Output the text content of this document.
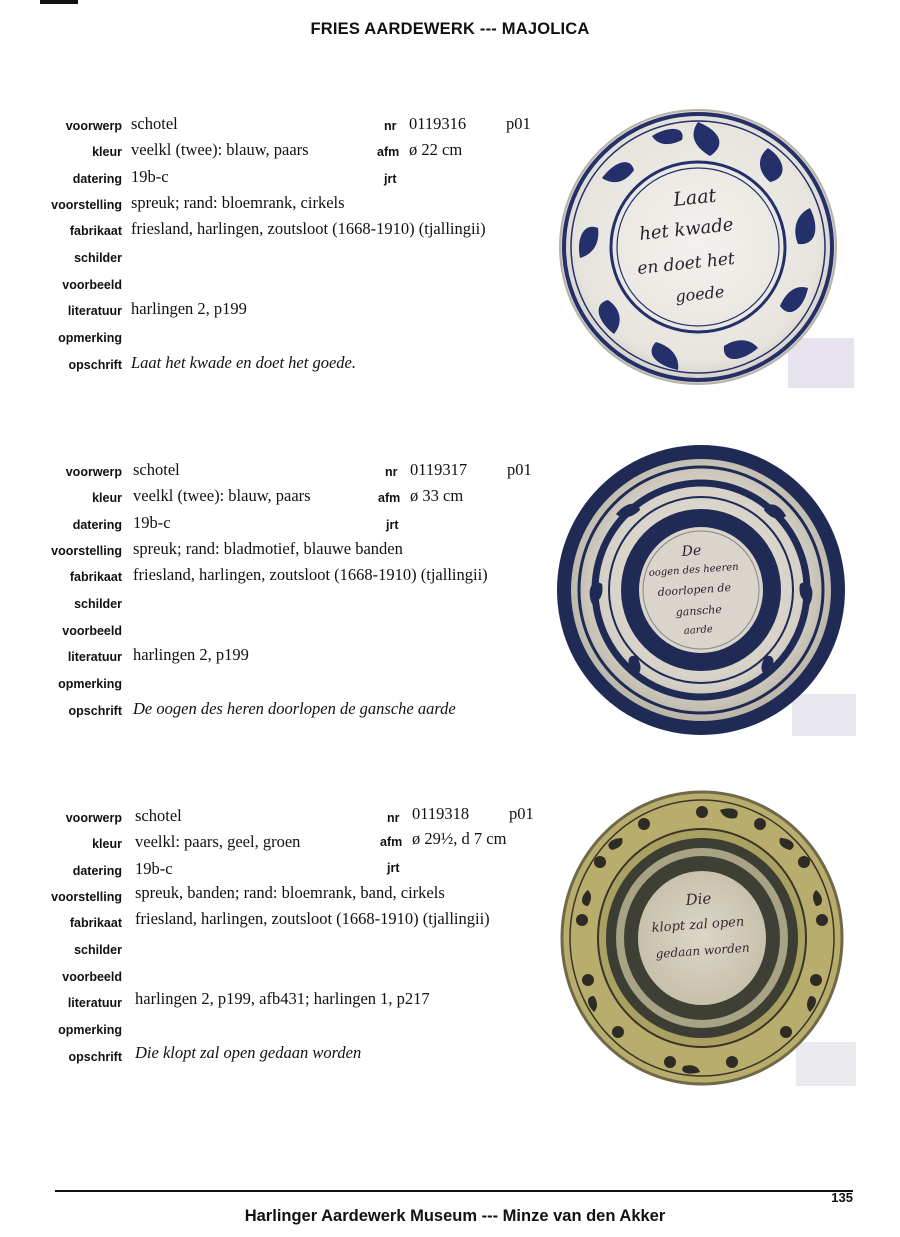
FRIES AARDEWERK --- MAJOLICA
voorwerp schotel	nr 0119316 p01
kleur veelkl (twee): blauw, paars	afm ø 22 cm
datering 19b-c	jrt
voorstelling spreuk; rand: bloemrank, cirkels
fabrikaat friesland, harlingen, zoutsloot (1668-1910) (tjallingii)
schilder
voorbeeld
literatuur harlingen 2, p199
opmerking
opschrift Laat het kwade en doet het goede.
Laat
het kwade
en doet het
goede
voorwerp schotel	nr 0119317 p01
kleur veelkl (twee): blauw, paars	afm ø 33 cm
datering 19b-c	jrt
voorstelling spreuk; rand: bladmotief, blauwe banden
fabrikaat friesland, harlingen, zoutsloot (1668-1910) (tjallingii)
schilder
voorbeeld
literatuur harlingen 2, p199
opmerking
opschrift De oogen des heren doorlopen de gansche aarde
De
oogen des heeren
doorlopen de
gansche
aarde
voorwerp schotel	nr 0119318 p01
kleur veelkl: paars, geel, groen	afm ø 29½, d 7 cm
datering 19b-c	jrt
voorstelling spreuk, banden; rand: bloemrank, band, cirkels
fabrikaat friesland, harlingen, zoutsloot (1668-1910) (tjallingii)
schilder
voorbeeld
literatuur harlingen 2, p199, afb431; harlingen 1, p217
opmerking
opschrift Die klopt zal open gedaan worden
Die
klopt zal open
gedaan worden
135
Harlinger Aardewerk Museum --- Minze van den Akker
